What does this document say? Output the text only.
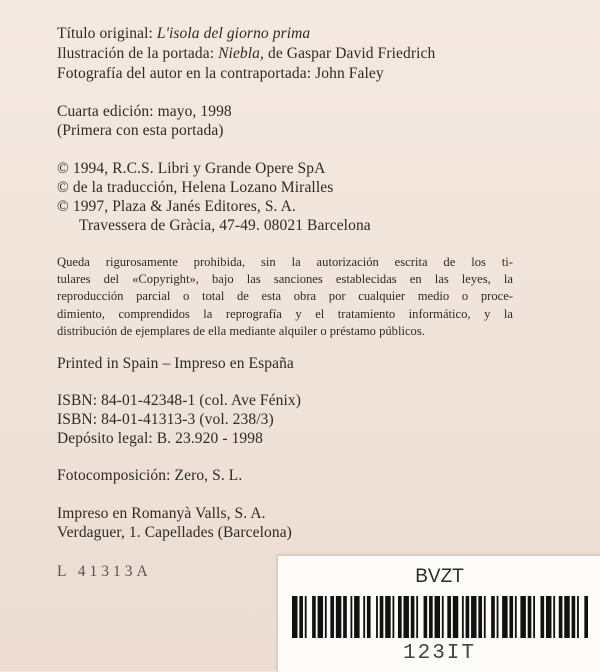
Título original: L'isola del giorno prima
Ilustración de la portada: Niebla, de Gaspar David Friedrich
Fotografía del autor en la contraportada: John Faley
Cuarta edición: mayo, 1998
(Primera con esta portada)
© 1994, R.C.S. Libri y Grande Opere SpA
© de la traducción, Helena Lozano Miralles
© 1997, Plaza & Janés Editores, S. A.
Travessera de Gràcia, 47-49. 08021 Barcelona
Queda rigurosamente prohibida, sin la autorización escrita de los ti-
tulares del «Copyright», bajo las sanciones establecidas en las leyes, la
reproducción parcial o total de esta obra por cualquier medio o proce-
dimiento, comprendidos la reprografía y el tratamiento informático, y la
distribución de ejemplares de ella mediante alquiler o préstamo públicos.
Printed in Spain – Impreso en España
ISBN: 84-01-42348-1 (col. Ave Fénix)
ISBN: 84-01-41313-3 (vol. 238/3)
Depósito legal: B. 23.920 - 1998
Fotocomposición: Zero, S. L.
Impreso en Romanyà Valls, S. A.
Verdaguer, 1. Capellades (Barcelona)
L 41313A	BVZT
123IT
